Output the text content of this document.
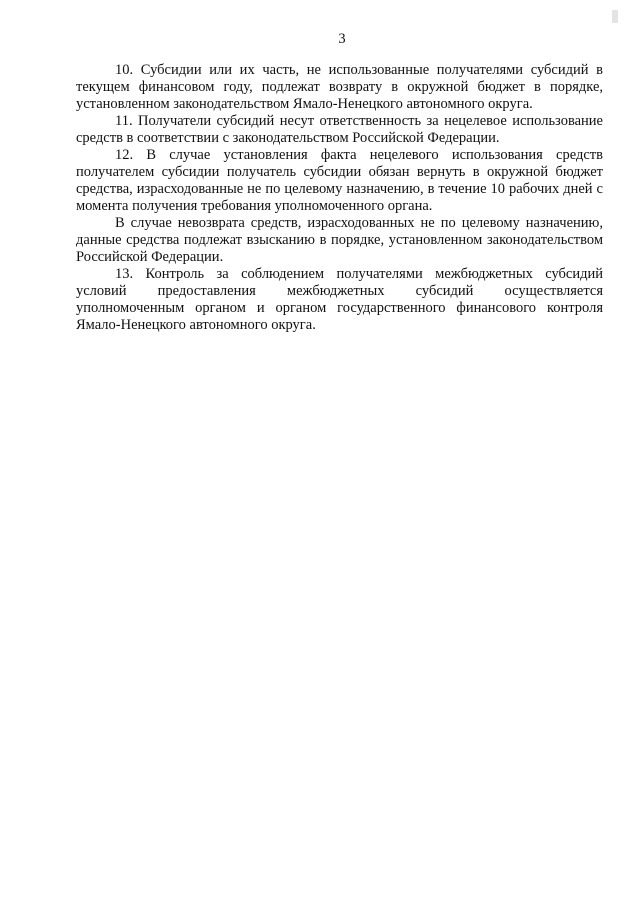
3

10. Субсидии или их часть, не использованные получателями субсидий в текущем финансовом году, подлежат возврату в окружной бюджет в порядке, установленном законодательством Ямало-Ненецкого автономного округа.

11. Получатели субсидий несут ответственность за нецелевое использование средств в соответствии с законодательством Российской Федерации.

12. В случае установления факта нецелевого использования средств получателем субсидии получатель субсидии обязан вернуть в окружной бюджет средства, израсходованные не по целевому назначению, в течение 10 рабочих дней с момента получения требования уполномоченного органа.

В случае невозврата средств, израсходованных не по целевому назначению, данные средства подлежат взысканию в порядке, установленном законодательством Российской Федерации.

13. Контроль за соблюдением получателями межбюджетных субсидий условий предоставления межбюджетных субсидий осуществляется уполномоченным органом и органом государственного финансового контроля Ямало-Ненецкого автономного округа.
